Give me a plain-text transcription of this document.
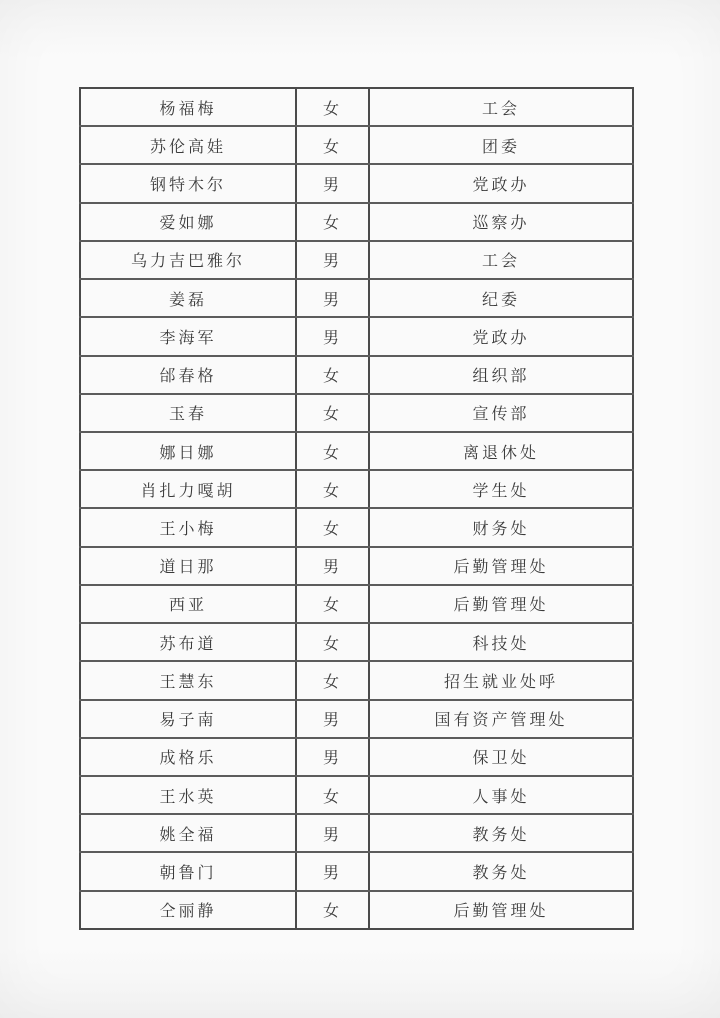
杨福梅	女	工会
苏伦高娃	女	团委
钢特木尔	男	党政办
爱如娜	女	巡察办
乌力吉巴雅尔	男	工会
姜磊	男	纪委
李海军	男	党政办
邰春格	女	组织部
玉春	女	宣传部
娜日娜	女	离退休处
肖扎力嘎胡	女	学生处
王小梅	女	财务处
道日那	男	后勤管理处
西亚	女	后勤管理处
苏布道	女	科技处
王慧东	女	招生就业处呼
易子南	男	国有资产管理处
成格乐	男	保卫处
王水英	女	人事处
姚全福	男	教务处
朝鲁门	男	教务处
仝丽静	女	后勤管理处
